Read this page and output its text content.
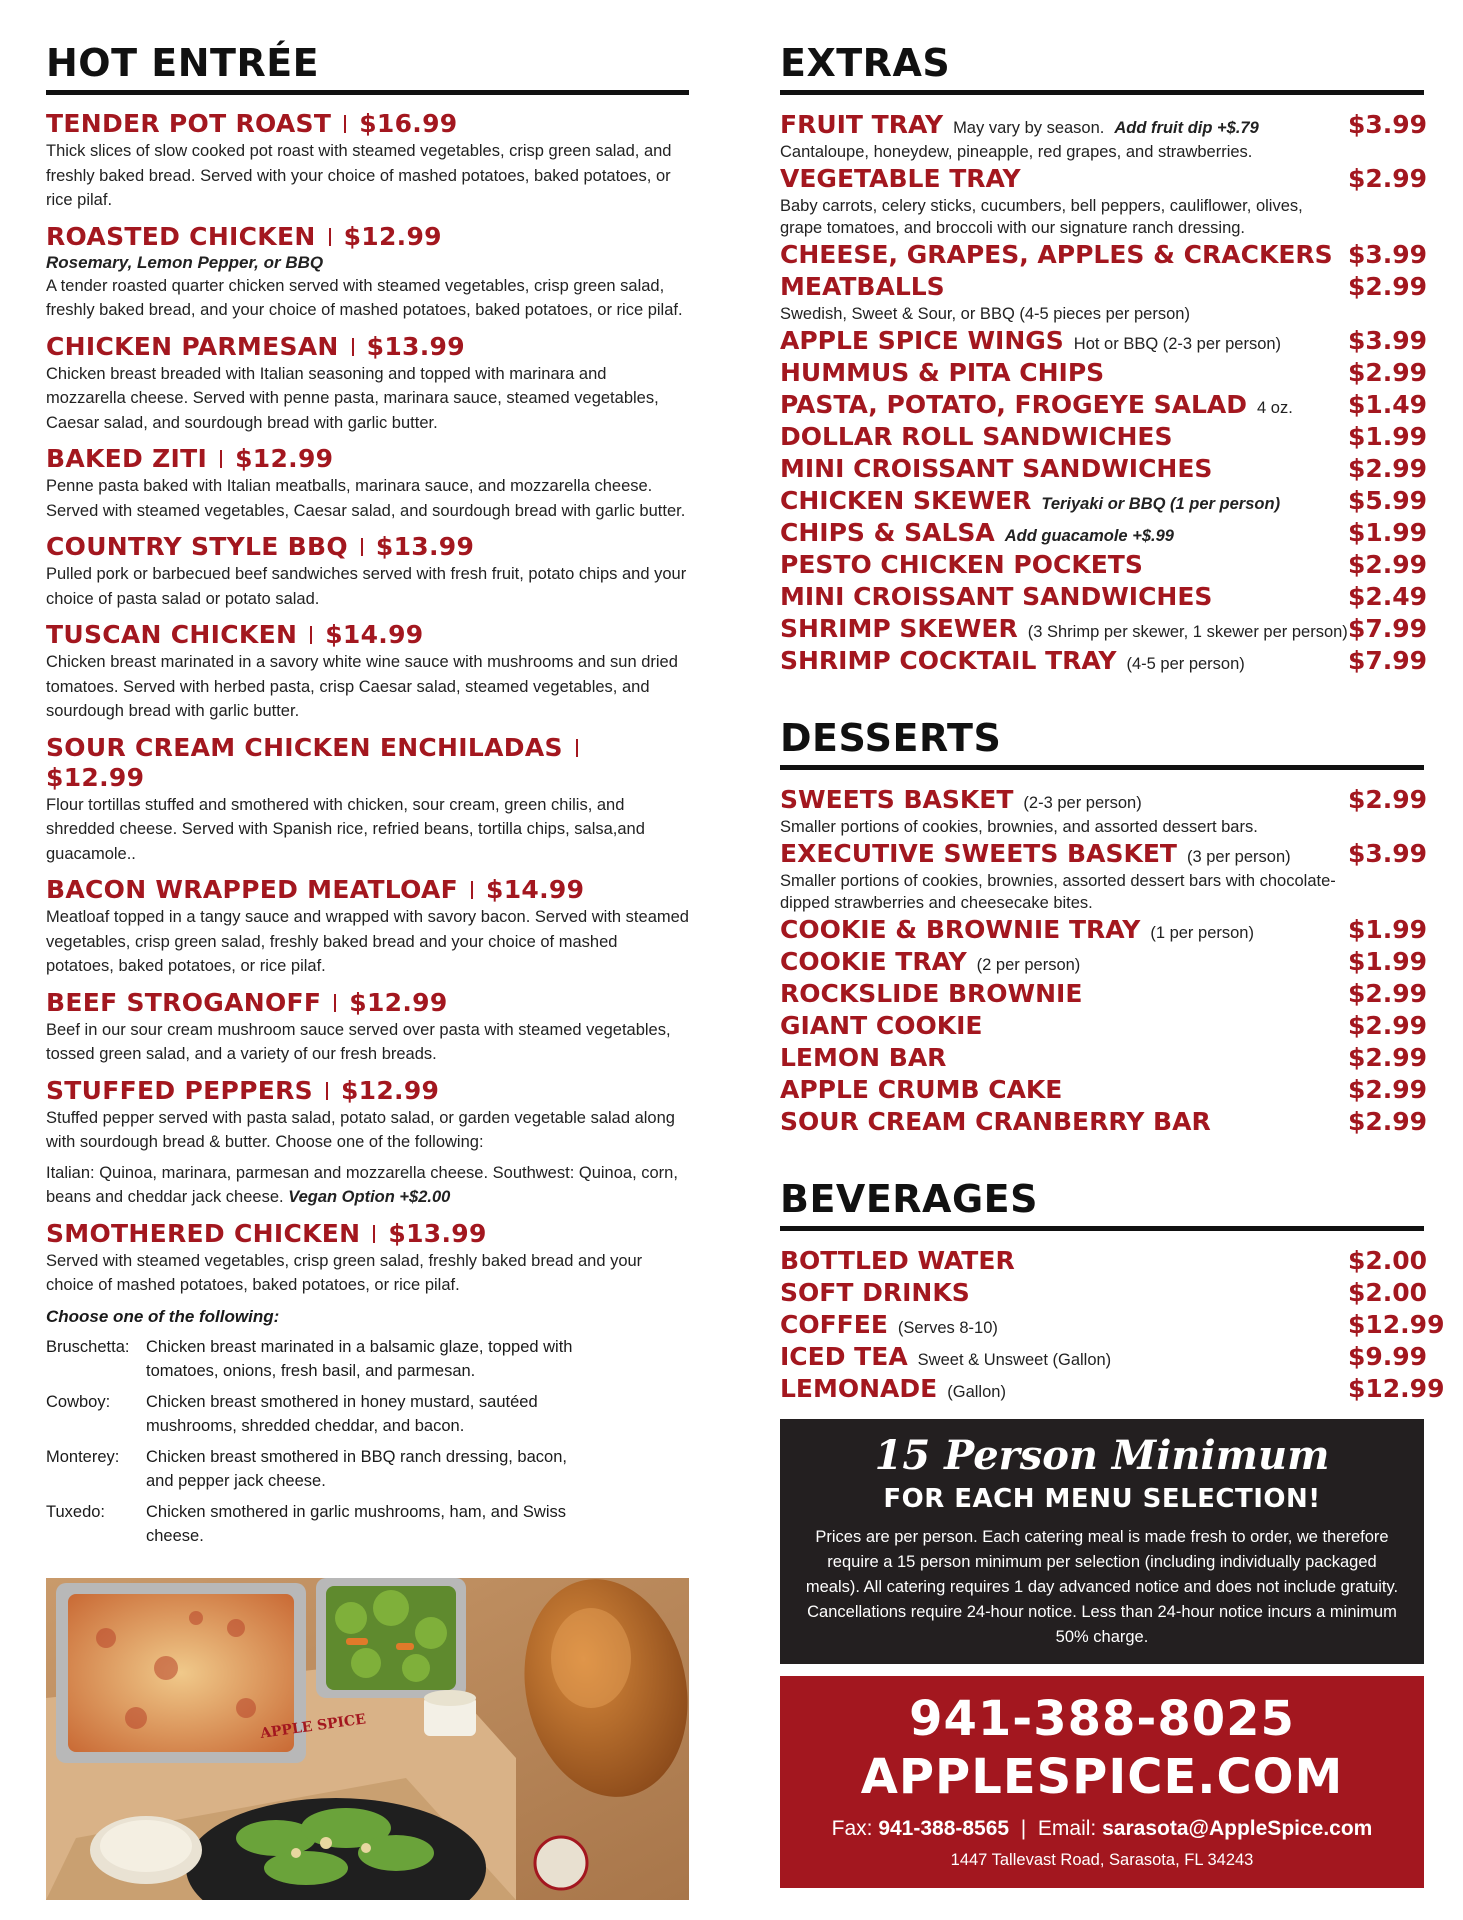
HOT ENTRÉE
TENDER POT ROAST $16.99
Thick slices of slow cooked pot roast with steamed vegetables, crisp green salad, and freshly baked bread. Served with your choice of mashed potatoes, baked potatoes, or rice pilaf.
ROASTED CHICKEN $12.99
Rosemary, Lemon Pepper, or BBQ
A tender roasted quarter chicken served with steamed vegetables, crisp green salad, freshly baked bread, and your choice of mashed potatoes, baked potatoes, or rice pilaf.
CHICKEN PARMESAN $13.99
Chicken breast breaded with Italian seasoning and topped with marinara and mozzarella cheese. Served with penne pasta, marinara sauce, steamed vegetables, Caesar salad, and sourdough bread with garlic butter.
BAKED ZITI $12.99
Penne pasta baked with Italian meatballs, marinara sauce, and mozzarella cheese. Served with steamed vegetables, Caesar salad, and sourdough bread with garlic butter.
COUNTRY STYLE BBQ $13.99
Pulled pork or barbecued beef sandwiches served with fresh fruit, potato chips and your choice of pasta salad or potato salad.
TUSCAN CHICKEN $14.99
Chicken breast marinated in a savory white wine sauce with mushrooms and sun dried tomatoes. Served with herbed pasta, crisp Caesar salad, steamed vegetables, and sourdough bread with garlic butter.
SOUR CREAM CHICKEN ENCHILADAS$12.99
Flour tortillas stuffed and smothered with chicken, sour cream, green chilis, and shredded cheese. Served with Spanish rice, refried beans, tortilla chips, salsa,and guacamole..
BACON WRAPPED MEATLOAF $14.99
Meatloaf topped in a tangy sauce and wrapped with savory bacon. Served with steamed vegetables, crisp green salad, freshly baked bread and your choice of mashed potatoes, baked potatoes, or rice pilaf.
BEEF STROGANOFF $12.99
Beef in our sour cream mushroom sauce served over pasta with steamed vegetables, tossed green salad, and a variety of our fresh breads.
STUFFED PEPPERS $12.99
Stuffed pepper served with pasta salad, potato salad, or garden vegetable salad along with sourdough bread & butter. Choose one of the following:
Italian: Quinoa, marinara, parmesan and mozzarella cheese. Southwest: Quinoa, corn, beans and cheddar jack cheese. Vegan Option +$2.00
SMOTHERED CHICKEN $13.99
Served with steamed vegetables, crisp green salad, freshly baked bread and your choice of mashed potatoes, baked potatoes, or rice pilaf.
Choose one of the following:
Bruschetta:	Chicken breast marinated in a balsamic glaze, topped with tomatoes, onions, fresh basil, and parmesan.
Cowboy:	Chicken breast smothered in honey mustard, sautéed mushrooms, shredded cheddar, and bacon.
Monterey:	Chicken breast smothered in BBQ ranch dressing, bacon, and pepper jack cheese.
Tuxedo:	Chicken smothered in garlic mushrooms, ham, and Swiss cheese.
APPLE SPICE
EXTRAS
FRUIT TRAY May vary by season. Add fruit dip +$.79	$3.99
Cantaloupe, honeydew, pineapple, red grapes, and strawberries.
VEGETABLE TRAY	$2.99
Baby carrots, celery sticks, cucumbers, bell peppers, cauliflower, olives, grape tomatoes, and broccoli with our signature ranch dressing.
CHEESE, GRAPES, APPLES & CRACKERS $3.99
MEATBALLS	$2.99
Swedish, Sweet & Sour, or BBQ (4-5 pieces per person)
APPLE SPICE WINGS Hot or BBQ (2-3 per person)	$3.99
HUMMUS & PITA CHIPS	$2.99
PASTA, POTATO, FROGEYE SALAD 4 oz. $1.49
DOLLAR ROLL SANDWICHES	$1.99
MINI CROISSANT SANDWICHES	$2.99
CHICKEN SKEWER Teriyaki or BBQ (1 per person)	$5.99
CHIPS & SALSA Add guacamole +$.99	$1.99
PESTO CHICKEN POCKETS	$2.99
MINI CROISSANT SANDWICHES	$2.49
SHRIMP SKEWER (3 Shrimp per skewer, 1 skewer per person) $7.99
SHRIMP COCKTAIL TRAY (4-5 per person)	$7.99
DESSERTS
SWEETS BASKET (2-3 per person)	$2.99
Smaller portions of cookies, brownies, and assorted dessert bars.
EXECUTIVE SWEETS BASKET (3 per person) $3.99
Smaller portions of cookies, brownies, assorted dessert bars with chocolate-dipped strawberries and cheesecake bites.
COOKIE & BROWNIE TRAY (1 per person)	$1.99
COOKIE TRAY (2 per person)	$1.99
ROCKSLIDE BROWNIE	$2.99
GIANT COOKIE	$2.99
LEMON BAR	$2.99
APPLE CRUMB CAKE	$2.99
SOUR CREAM CRANBERRY BAR	$2.99
BEVERAGES
BOTTLED WATER	$2.00
SOFT DRINKS	$2.00
COFFEE (Serves 8-10)	$12.99
ICED TEA Sweet & Unsweet (Gallon)	$9.99
LEMONADE (Gallon)	$12.99
15 Person Minimum
FOR EACH MENU SELECTION!
Prices are per person. Each catering meal is made fresh to order, we therefore require a 15 person minimum per selection (including individually packaged meals). All catering requires 1 day advanced notice and does not include gratuity. Cancellations require 24-hour notice. Less than 24-hour notice incurs a minimum 50% charge.
941-388-8025
APPLESPICE.COM
Fax: 941-388-8565  |  Email: sarasota@AppleSpice.com
1447 Tallevast Road, Sarasota, FL 34243
